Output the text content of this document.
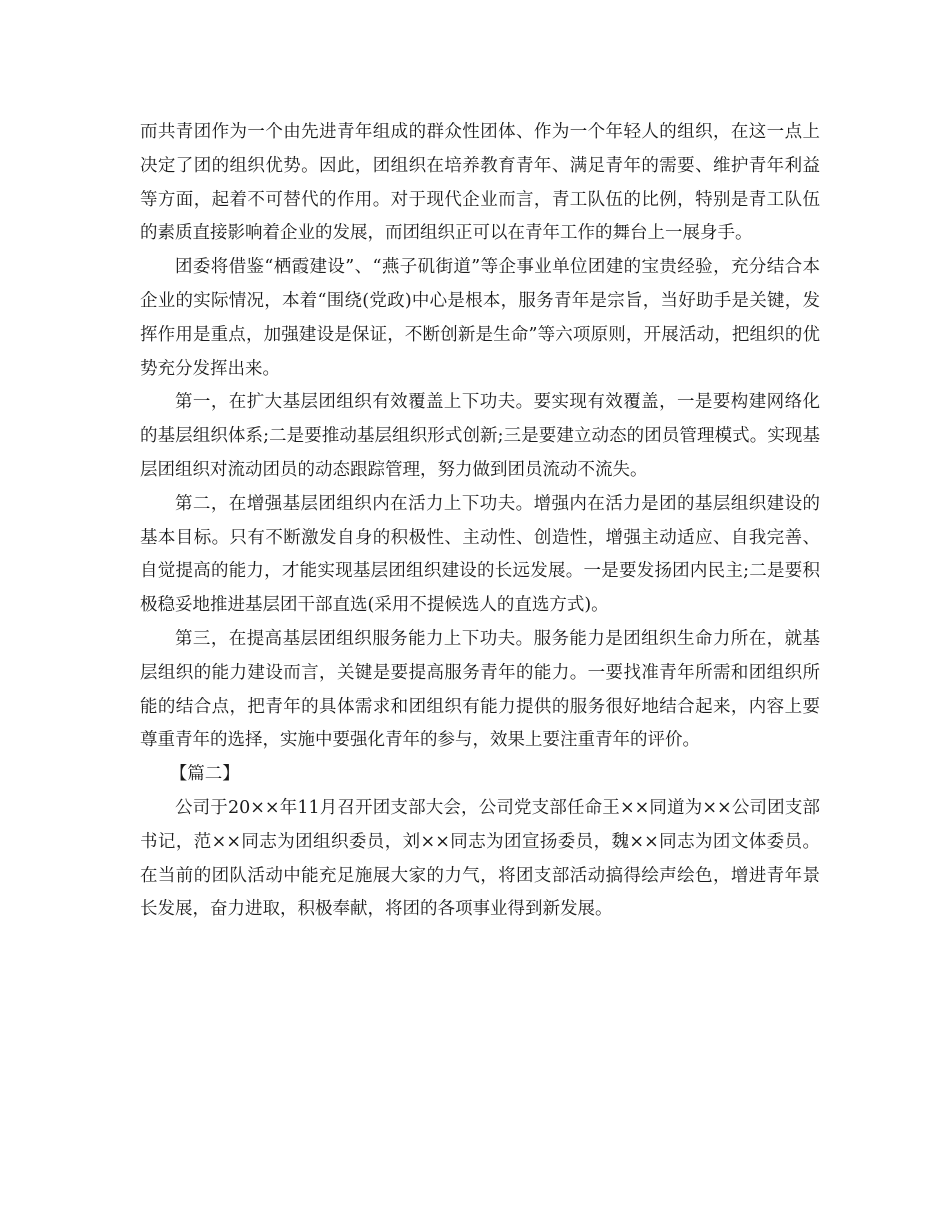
而共青团作为一个由先进青年组成的群众性团体、作为一个年轻人的组织，在这一点上决定了团的组织优势。因此，团组织在培养教育青年、满足青年的需要、维护青年利益等方面，起着不可替代的作用。对于现代企业而言，青工队伍的比例，特别是青工队伍的素质直接影响着企业的发展，而团组织正可以在青年工作的舞台上一展身手。

团委将借鉴“栖霞建设”、“燕子矶街道”等企事业单位团建的宝贵经验，充分结合本企业的实际情况，本着“围绕(党政)中心是根本，服务青年是宗旨，当好助手是关键，发挥作用是重点，加强建设是保证，不断创新是生命”等六项原则，开展活动，把组织的优势充分发挥出来。

第一，在扩大基层团组织有效覆盖上下功夫。要实现有效覆盖，一是要构建网络化的基层组织体系;二是要推动基层组织形式创新;三是要建立动态的团员管理模式。实现基层团组织对流动团员的动态跟踪管理，努力做到团员流动不流失。

第二，在增强基层团组织内在活力上下功夫。增强内在活力是团的基层组织建设的基本目标。只有不断激发自身的积极性、主动性、创造性，增强主动适应、自我完善、自觉提高的能力，才能实现基层团组织建设的长远发展。一是要发扬团内民主;二是要积极稳妥地推进基层团干部直选(采用不提候选人的直选方式)。

第三，在提高基层团组织服务能力上下功夫。服务能力是团组织生命力所在，就基层组织的能力建设而言，关键是要提高服务青年的能力。一要找准青年所需和团组织所能的结合点，把青年的具体需求和团组织有能力提供的服务很好地结合起来，内容上要尊重青年的选择，实施中要强化青年的参与，效果上要注重青年的评价。

【篇二】

公司于20××年11月召开团支部大会，公司党支部任命王××同道为××公司团支部书记，范××同志为团组织委员，刘××同志为团宣扬委员，魏××同志为团文体委员。在当前的团队活动中能充足施展大家的力气，将团支部活动搞得绘声绘色，增进青年景长发展，奋力进取，积极奉献，将团的各项事业得到新发展。
